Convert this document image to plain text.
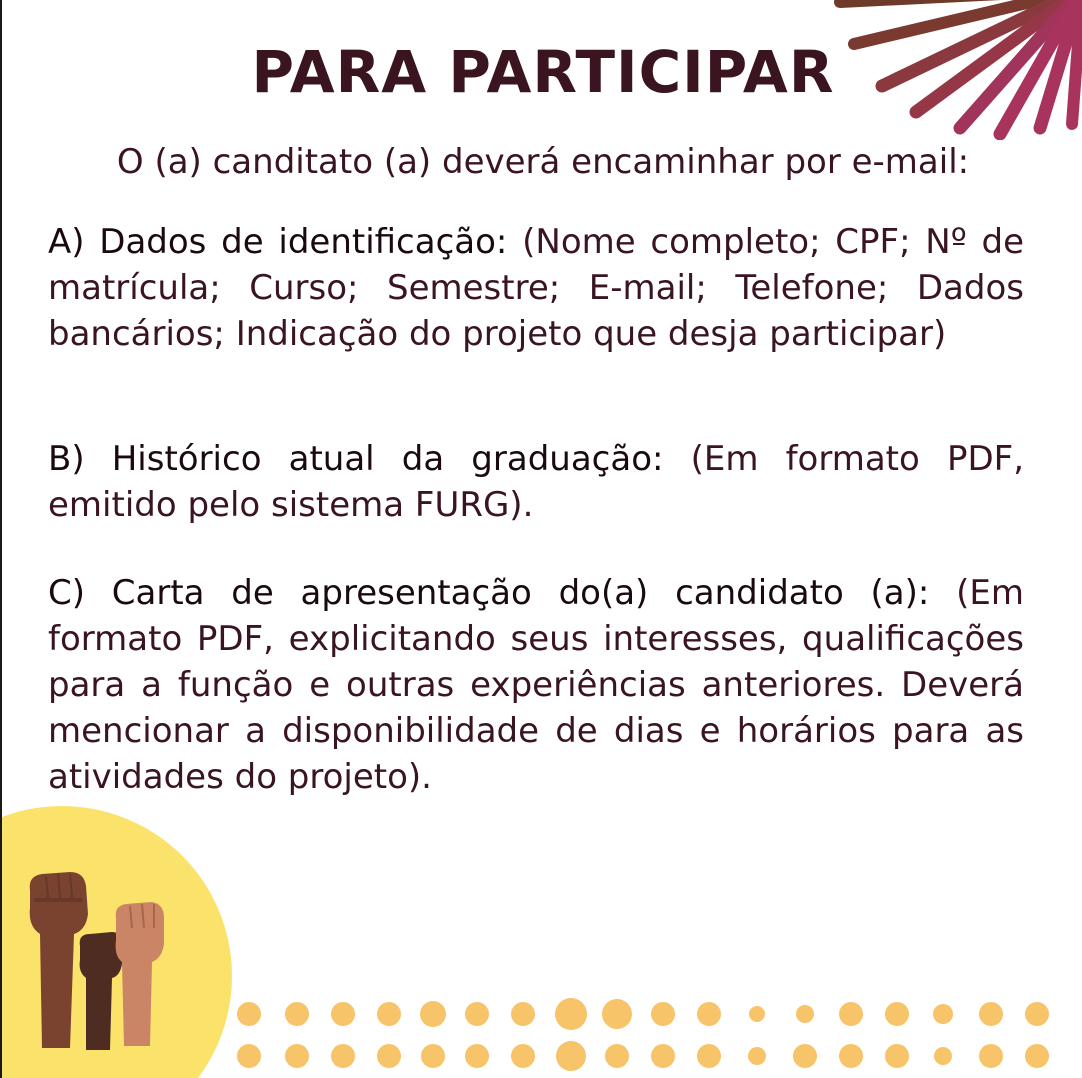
PARA PARTICIPAR

O (a) canditato (a) deverá encaminhar por e-mail:

A) Dados de identificação: (Nome completo; CPF; Nº de matrícula; Curso; Semestre; E-mail; Telefone; Dados bancários; Indicação do projeto que desja participar)

B) Histórico atual da graduação: (Em formato PDF, emitido pelo sistema FURG).

C) Carta de apresentação do(a) candidato (a): (Em formato PDF, explicitando seus interesses, qualificações para a função e outras experiências anteriores. Deverá mencionar a disponibilidade de dias e horários para as atividades do projeto).
